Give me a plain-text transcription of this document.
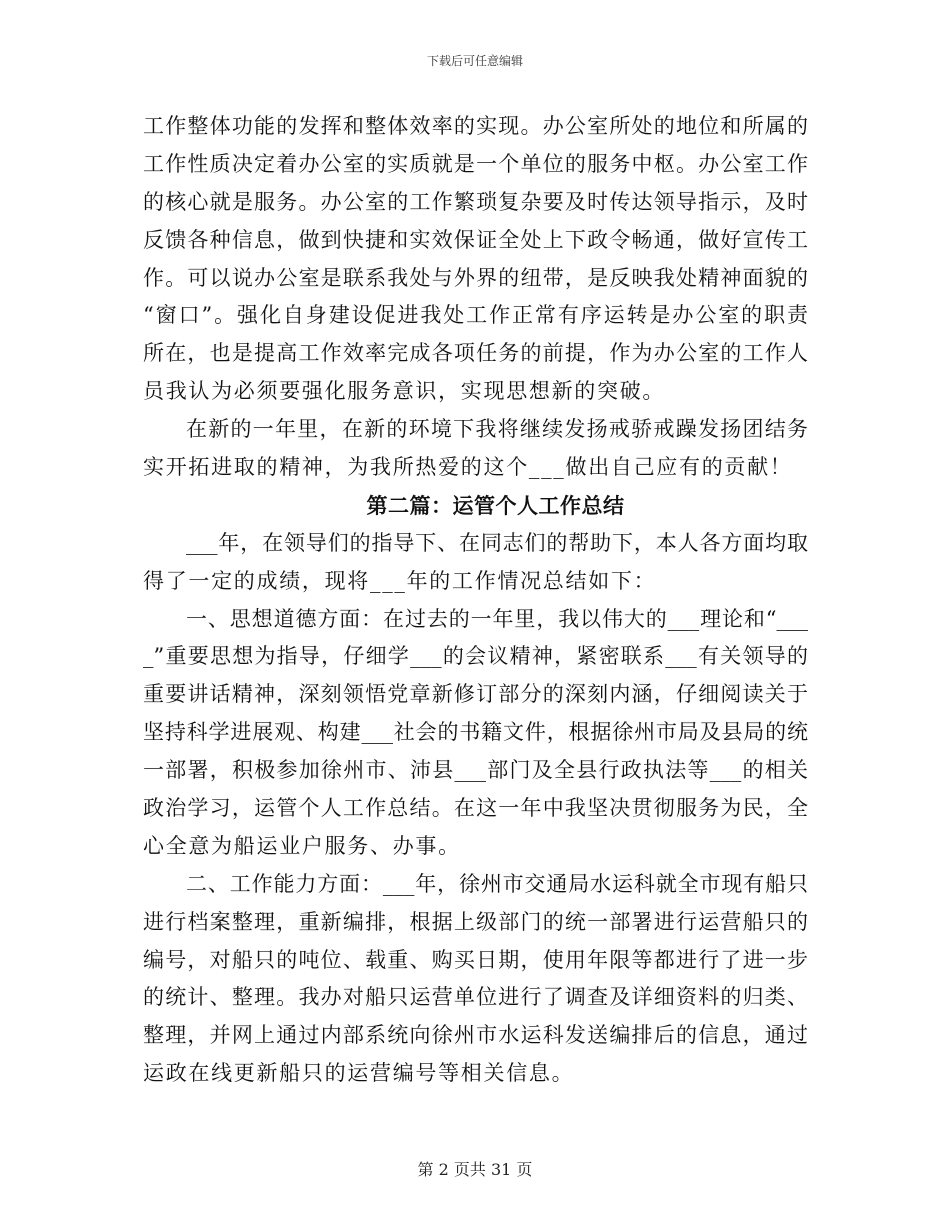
下载后可任意编辑
工作整体功能的发挥和整体效率的实现。办公室所处的地位和所属的
工作性质决定着办公室的实质就是一个单位的服务中枢。办公室工作
的核心就是服务。办公室的工作繁琐复杂要及时传达领导指示，及时
反馈各种信息，做到快捷和实效保证全处上下政令畅通，做好宣传工
作。可以说办公室是联系我处与外界的纽带，是反映我处精神面貌的
“窗口”。强化自身建设促进我处工作正常有序运转是办公室的职责
所在，也是提高工作效率完成各项任务的前提，作为办公室的工作人
员我认为必须要强化服务意识，实现思想新的突破。
在新的一年里，在新的环境下我将继续发扬戒骄戒躁发扬团结务
实开拓进取的精神，为我所热爱的这个___做出自己应有的贡献！
第二篇：运管个人工作总结
___年，在领导们的指导下、在同志们的帮助下，本人各方面均取
得了一定的成绩，现将___年的工作情况总结如下：
一、思想道德方面：在过去的一年里，我以伟大的___理论和“___
_”重要思想为指导，仔细学___的会议精神，紧密联系___有关领导的
重要讲话精神，深刻领悟党章新修订部分的深刻内涵，仔细阅读关于
坚持科学进展观、构建___社会的书籍文件，根据徐州市局及县局的统
一部署，积极参加徐州市、沛县___部门及全县行政执法等___的相关
政治学习，运管个人工作总结。在这一年中我坚决贯彻服务为民，全
心全意为船运业户服务、办事。
二、工作能力方面：___年，徐州市交通局水运科就全市现有船只
进行档案整理，重新编排，根据上级部门的统一部署进行运营船只的
编号，对船只的吨位、载重、购买日期，使用年限等都进行了进一步
的统计、整理。我办对船只运营单位进行了调查及详细资料的归类、
整理，并网上通过内部系统向徐州市水运科发送编排后的信息，通过
运政在线更新船只的运营编号等相关信息。
第 2 页共 31 页
